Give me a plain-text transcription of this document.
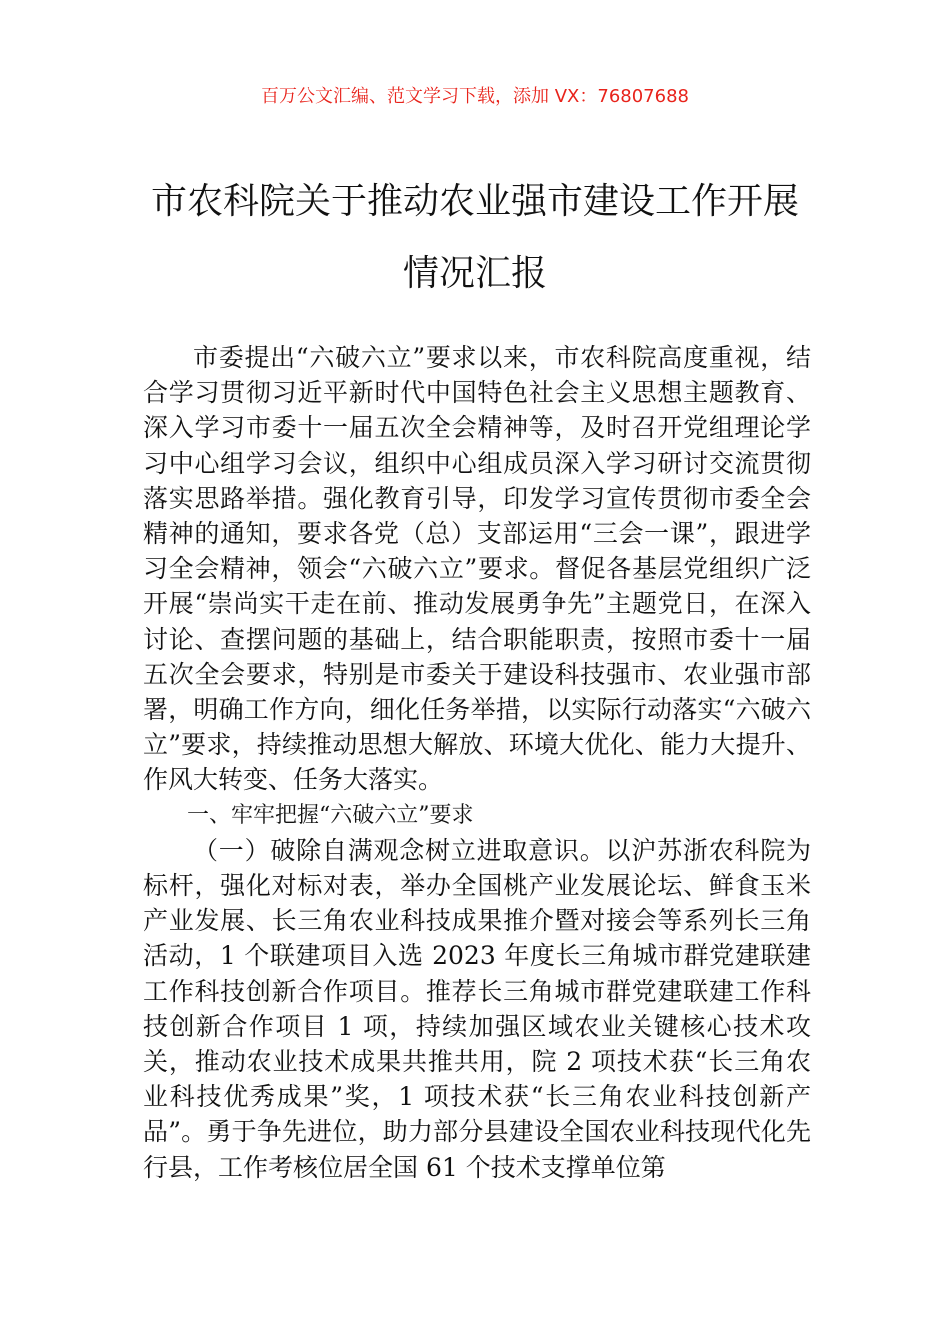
百万公文汇编、范文学习下载，添加 VX：76807688
市农科院关于推动农业强市建设工作开展
情况汇报

市委提出“六破六立”要求以来，市农科院高度重视，结合学习贯彻习近平新时代中国特色社会主义思想主题教育、深入学习市委十一届五次全会精神等，及时召开党组理论学习中心组学习会议，组织中心组成员深入学习研讨交流贯彻落实思路举措。强化教育引导，印发学习宣传贯彻市委全会精神的通知，要求各党（总）支部运用“三会一课”，跟进学习全会精神，领会“六破六立”要求。督促各基层党组织广泛开展“崇尚实干走在前、推动发展勇争先”主题党日，在深入讨论、查摆问题的基础上，结合职能职责，按照市委十一届五次全会要求，特别是市委关于建设科技强市、农业强市部署，明确工作方向，细化任务举措，以实际行动落实“六破六立”要求，持续推动思想大解放、环境大优化、能力大提升、作风大转变、任务大落实。

一、牢牢把握“六破六立”要求

（一）破除自满观念树立进取意识。以沪苏浙农科院为标杆，强化对标对表，举办全国桃产业发展论坛、鲜食玉米产业发展、长三角农业科技成果推介暨对接会等系列长三角活动，1 个联建项目入选 2023 年度长三角城市群党建联建工作科技创新合作项目。推荐长三角城市群党建联建工作科技创新合作项目 1 项，持续加强区域农业关键核心技术攻关，推动农业技术成果共推共用，院 2 项技术获“长三角农业科技优秀成果”奖，1 项技术获“长三角农业科技创新产品”。勇于争先进位，助力部分县建设全国农业科技现代化先行县，工作考核位居全国 61 个技术支撑单位第
